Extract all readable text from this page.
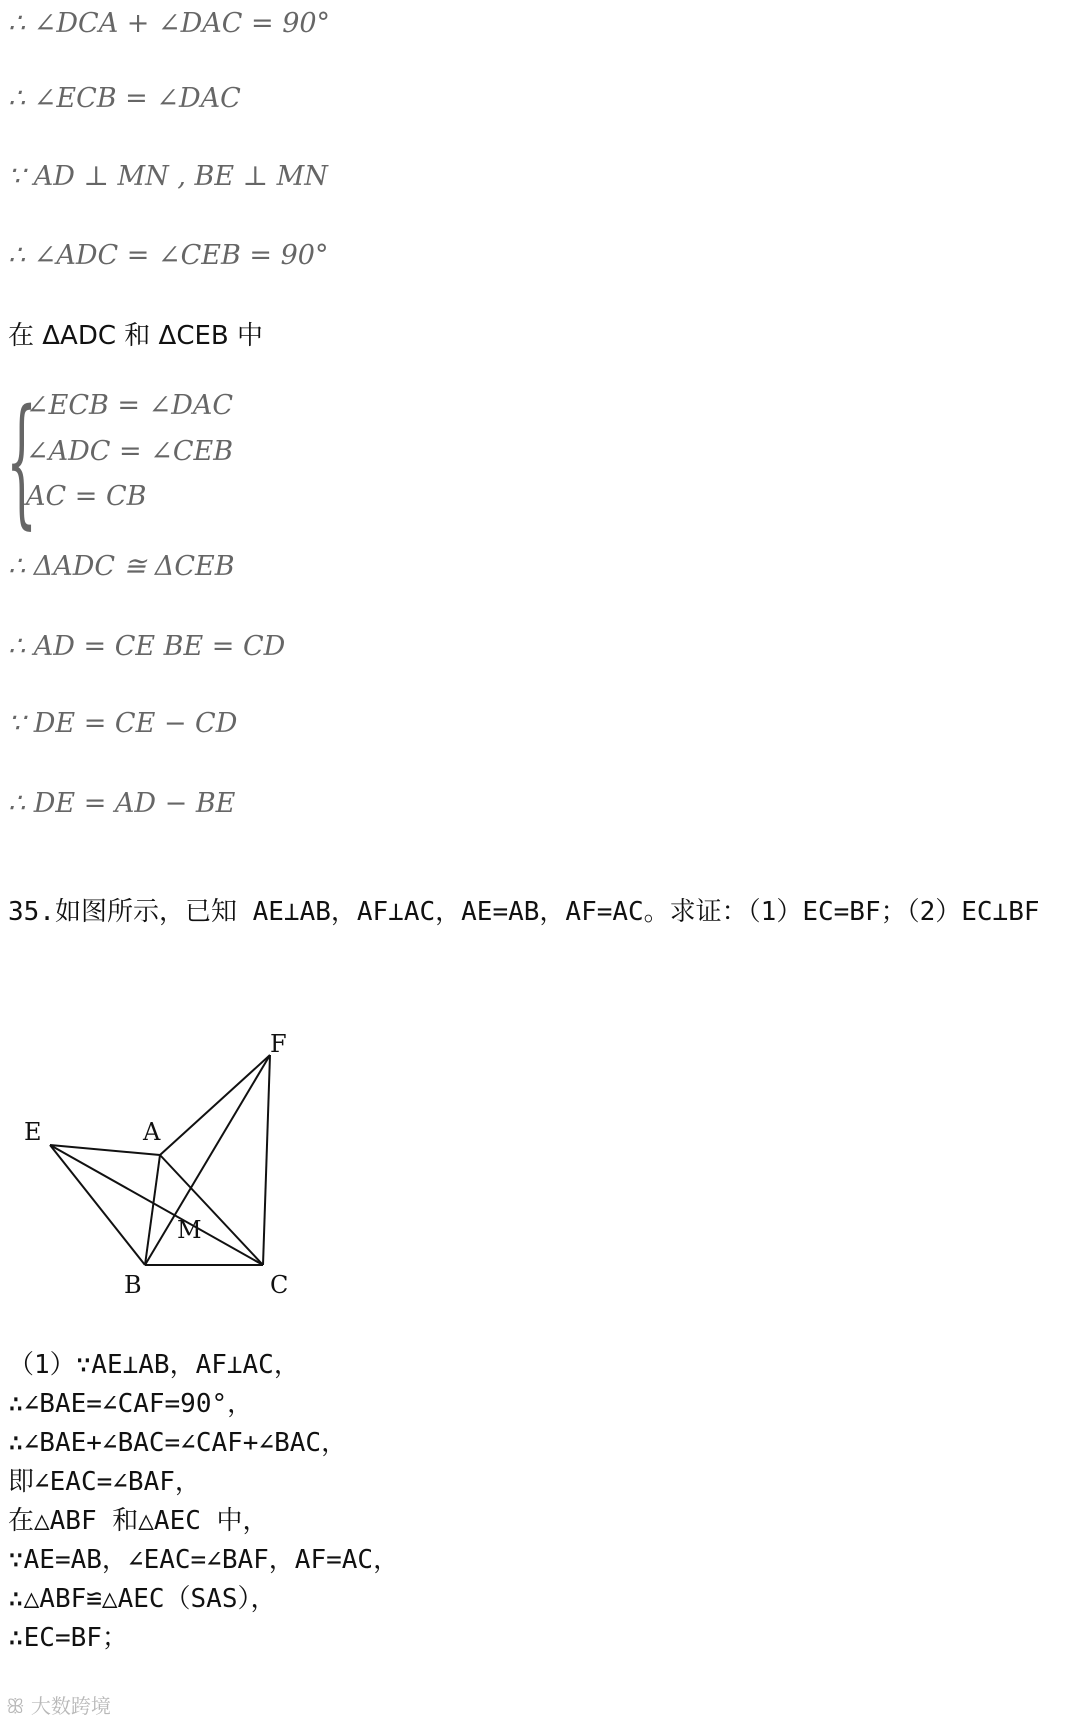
∴ ∠DCA + ∠DAC = 90°
∴ ∠ECB = ∠DAC
∵ AD ⊥ MN , BE ⊥ MN
∴ ∠ADC = ∠CEB = 90°
在 ΔADC 和 ΔCEB 中
{
∠ECB = ∠DAC
∠ADC = ∠CEB
AC = CB
∴ ΔADC ≅ ΔCEB
∴ AD = CE BE = CD
∵ DE = CE − CD
∴ DE = AD − BE
35.如图所示，已知 AE⊥AB，AF⊥AC，AE=AB，AF=AC。求证：（1）EC=BF；（2）EC⊥BF
E	A
F
M
B	C
（1）∵AE⊥AB，AF⊥AC，
∴∠BAE=∠CAF=90°，
∴∠BAE+∠BAC=∠CAF+∠BAC，
即∠EAC=∠BAF，
在△ABF 和△AEC 中，
∵AE=AB，∠EAC=∠BAF，AF=AC，
∴△ABF≌△AEC（SAS），
∴EC=BF；
ꕥ 大数跨境
